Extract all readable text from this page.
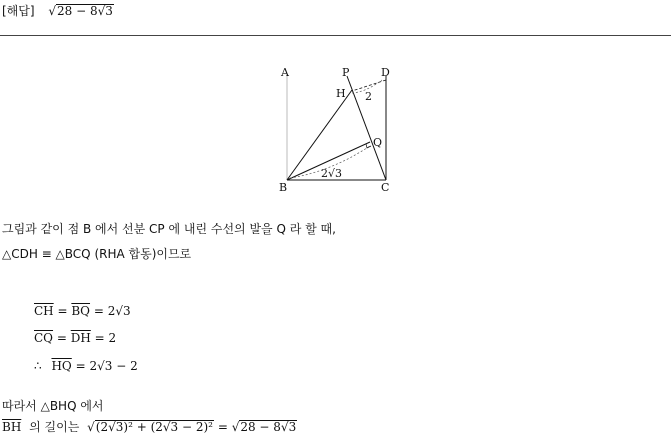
[해답] √28 − 8√3
A	P	D
H
Q
B	C
2
2√3
그림과 같이 점 B 에서 선분 CP 에 내린 수선의 발을 Q 라 할 때,
△CDH ≡ △BCQ (RHA 합동)이므로
$\overline{CH} = \overline{BQ} = 2√3$
$\overline{CQ} = \overline{DH} = 2$
∴ $\overline{HQ} = 2√3 - 2$
따라서 △BHQ 에서
$\overline{BH}$ 의 길이는 √(2√3)² + (2√3 − 2)² = √28 − 8√3
